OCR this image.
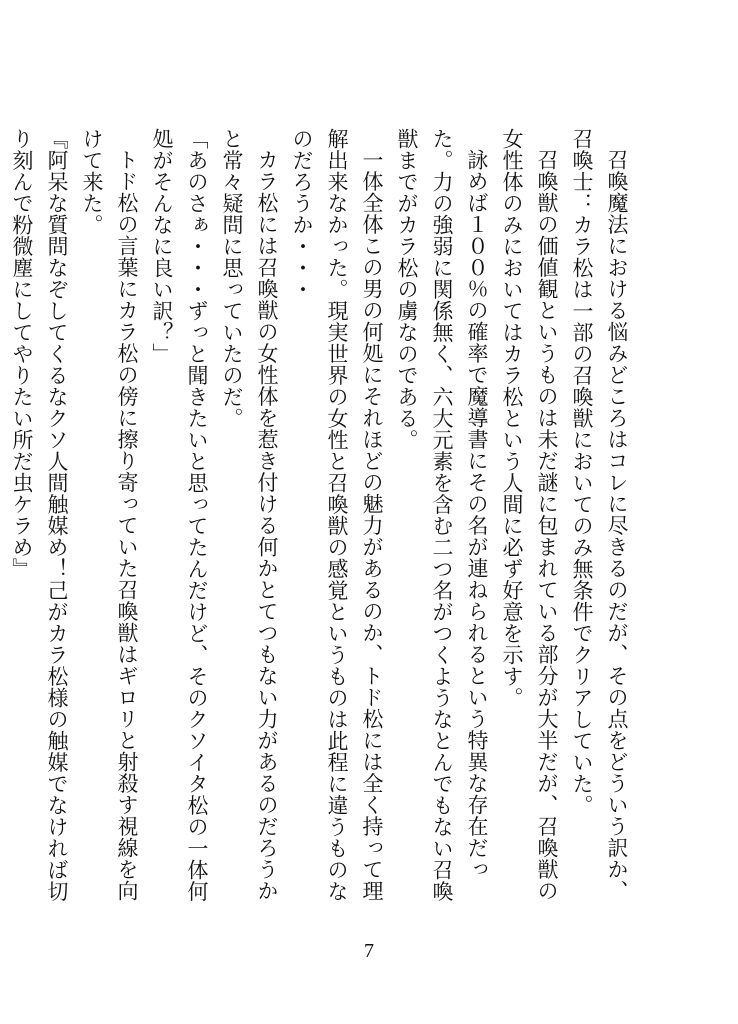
召喚魔法における悩みどころはコレに尽きるのだが、その点をどういう訳か、召喚士：カラ松は一部の召喚獣においてのみ無条件でクリアしていた。

召喚獣の価値観というものは未だ謎に包まれている部分が大半だが、召喚獣の女性体のみにおいてはカラ松という人間に必ず好意を示す。

詠めば１００％の確率で魔導書にその名が連ねられるという特異な存在だった。力の強弱に関係無く、六大元素を含む二つ名がつくようなとんでもない召喚獣までがカラ松の虜なのである。

一体全体この男の何処にそれほどの魅力があるのか、トド松には全く持って理解出来なかった。現実世界の女性と召喚獣の感覚というものは此程に違うものなのだろうか・・・

カラ松には召喚獣の女性体を惹き付ける何かとてつもない力があるのだろうかと常々疑問に思っていたのだ。

「あのさぁ・・・ずっと聞きたいと思ってたんだけど、そのクソイタ松の一体何処がそんなに良い訳？」

トド松の言葉にカラ松の傍に擦り寄っていた召喚獣はギロリと射殺す視線を向けて来た。

『阿呆な質問なぞしてくるなクソ人間触媒め！己がカラ松様の触媒でなければ切り刻んで粉微塵にしてやりたい所だ虫ケラめ』

7
